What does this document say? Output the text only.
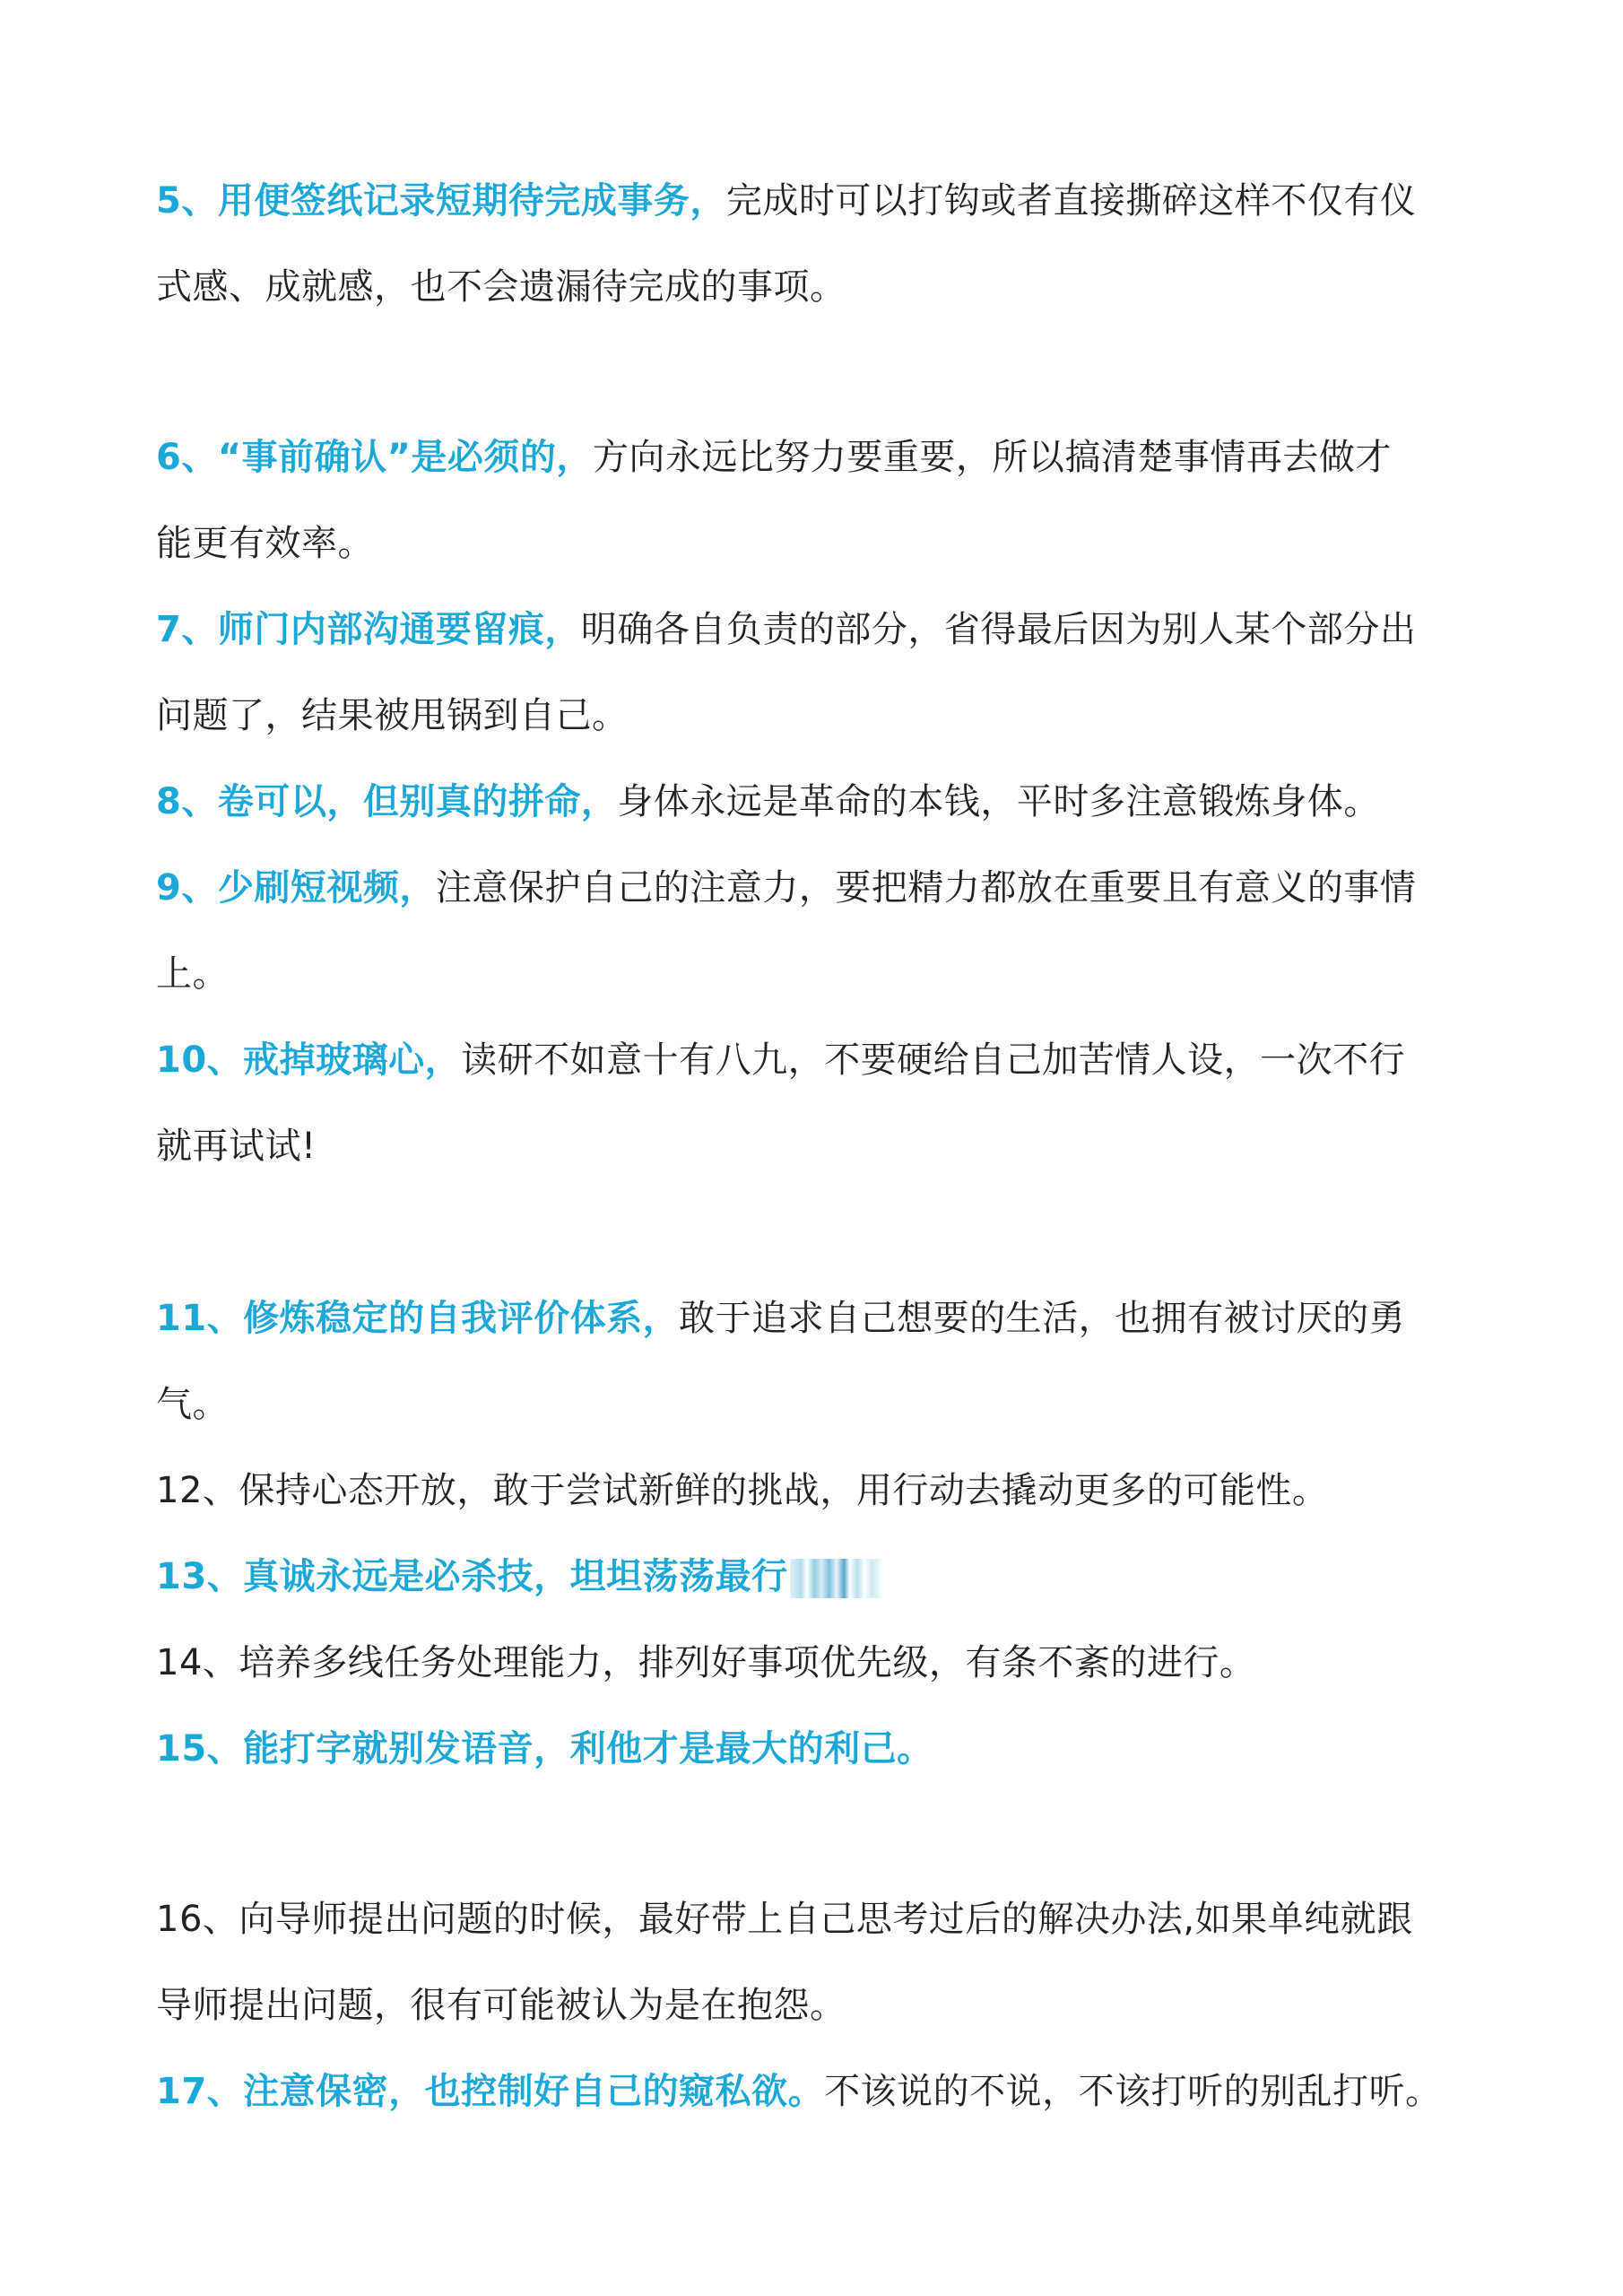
5、用便签纸记录短期待完成事务，完成时可以打钩或者直接撕碎这样不仅有仪
式感、成就感，也不会遗漏待完成的事项。
6、“事前确认”是必须的，方向永远比努力要重要，所以搞清楚事情再去做才
能更有效率。
7、师门内部沟通要留痕，明确各自负责的部分，省得最后因为别人某个部分出
问题了，结果被甩锅到自己。
8、卷可以，但别真的拼命，身体永远是革命的本钱，平时多注意锻炼身体。
9、少刷短视频，注意保护自己的注意力，要把精力都放在重要且有意义的事情
上。
10、戒掉玻璃心，读研不如意十有八九，不要硬给自己加苦情人设，一次不行
就再试试!
11、修炼稳定的自我评价体系，敢于追求自己想要的生活，也拥有被讨厌的勇
气。
12、保持心态开放，敢于尝试新鲜的挑战，用行动去撬动更多的可能性。
13、真诚永远是必杀技，坦坦荡荡最行
14、培养多线任务处理能力，排列好事项优先级，有条不紊的进行。
15、能打字就别发语音，利他才是最大的利己。
16、向导师提出问题的时候，最好带上自己思考过后的解决办法,如果单纯就跟
导师提出问题，很有可能被认为是在抱怨。
17、注意保密，也控制好自己的窥私欲。不该说的不说，不该打听的别乱打听。
